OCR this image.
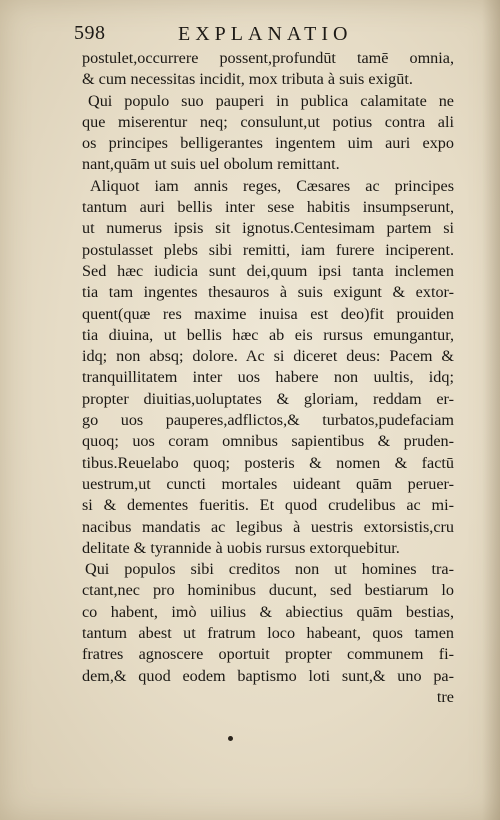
598	EXPLANATIO
postulet,occurrere possent,profundūt tamē omnia,
& cum necessitas incidit, mox tributa à suis exigūt.
Qui populo suo pauperi in publica calamitate ne
que miserentur neq; consulunt,ut potius contra ali
os principes belligerantes ingentem uim auri expo
nant,quām ut suis uel obolum remittant.
Aliquot iam annis reges, Cæsares ac principes
tantum auri bellis inter sese habitis insumpserunt,
ut numerus ipsis sit ignotus.Centesimam partem si
postulasset plebs sibi remitti, iam furere inciperent.
Sed hæc iudicia sunt dei,quum ipsi tanta inclemen
tia tam ingentes thesauros à suis exigunt & extor-
quent(quæ res maxime inuisa est deo)fit prouiden
tia diuina, ut bellis hæc ab eis rursus emungantur,
idq; non absq; dolore. Ac si diceret deus: Pacem &
tranquillitatem inter uos habere non uultis, idq;
propter diuitias,uoluptates & gloriam, reddam er-
go uos pauperes,adflictos,& turbatos,pudefaciam
quoq; uos coram omnibus sapientibus & pruden-
tibus.Reuelabo quoq; posteris & nomen & factū
uestrum,ut cuncti mortales uideant quām peruer-
si & dementes fueritis. Et quod crudelibus ac mi-
nacibus mandatis ac legibus à uestris extorsistis,cru
delitate & tyrannide à uobis rursus extorquebitur.
Qui populos sibi creditos non ut homines tra-
ctant,nec pro hominibus ducunt, sed bestiarum lo
co habent, imò uilius & abiectius quām bestias,
tantum abest ut fratrum loco habeant, quos tamen
fratres agnoscere oportuit propter communem fi-
dem,& quod eodem baptismo loti sunt,& uno pa-
tre
